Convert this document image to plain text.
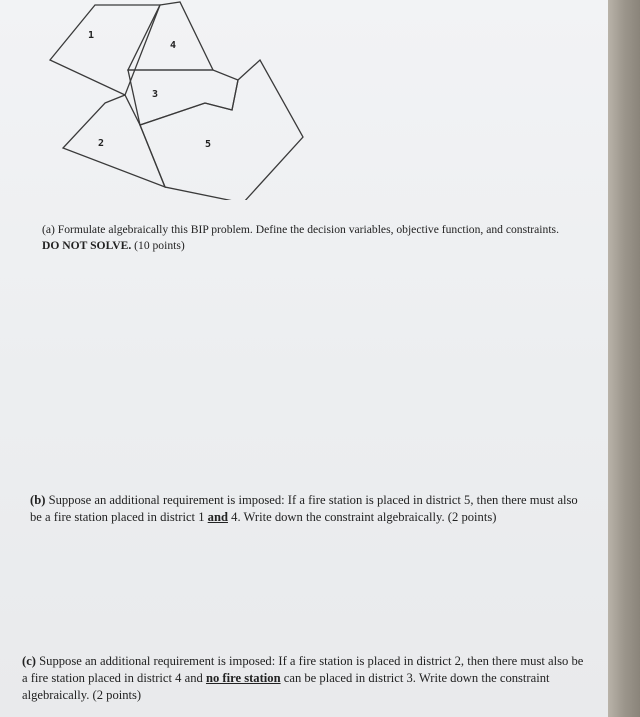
1
4
3
2	5

(a) Formulate algebraically this BIP problem. Define the decision variables, objective function, and constraints. DO NOT SOLVE. (10 points)

(b) Suppose an additional requirement is imposed: If a fire station is placed in district 5, then there must also be a fire station placed in district 1 and 4. Write down the constraint algebraically. (2 points)

(c) Suppose an additional requirement is imposed: If a fire station is placed in district 2, then there must also be a fire station placed in district 4 and no fire station can be placed in district 3. Write down the constraint algebraically. (2 points)
